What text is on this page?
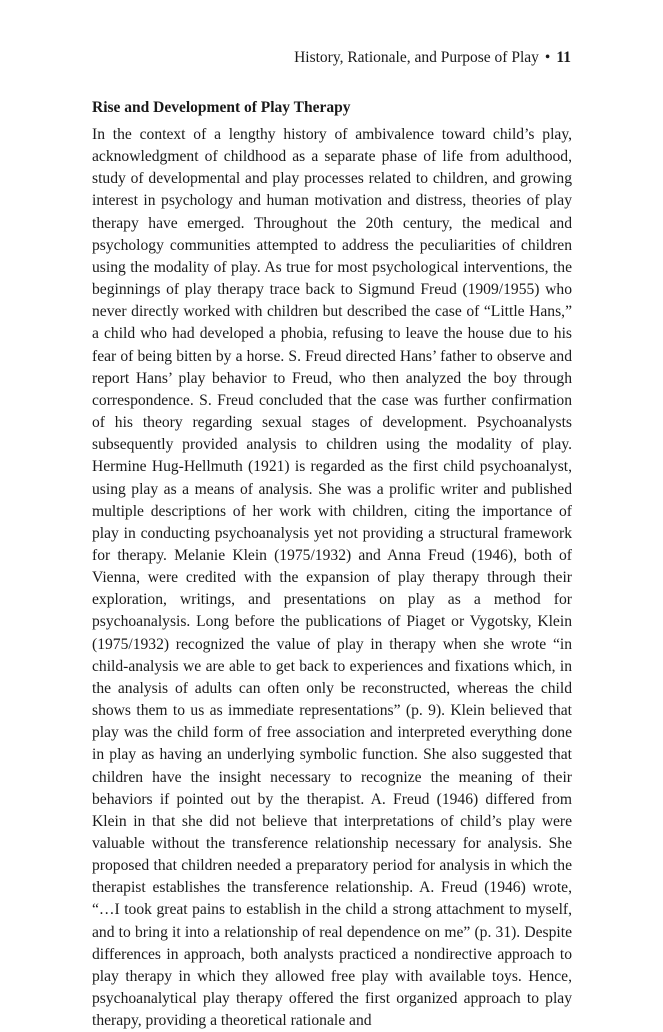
History, Rationale, and Purpose of Play • 11
Rise and Development of Play Therapy

In the context of a lengthy history of ambivalence toward child’s play, acknowledgment of childhood as a separate phase of life from adulthood, study of developmental and play processes related to children, and growing interest in psychology and human motivation and distress, theories of play therapy have emerged. Throughout the 20th century, the medical and psychology communities attempted to address the peculiarities of children using the modality of play. As true for most psychological interventions, the beginnings of play therapy trace back to Sigmund Freud (1909/1955) who never directly worked with children but described the case of “Little Hans,” a child who had developed a phobia, refusing to leave the house due to his fear of being bitten by a horse. S. Freud directed Hans’ father to observe and report Hans’ play behavior to Freud, who then analyzed the boy through correspondence. S. Freud concluded that the case was further confirmation of his theory regarding sexual stages of development. Psychoanalysts subsequently provided analysis to children using the modality of play. Hermine Hug-Hellmuth (1921) is regarded as the first child psychoanalyst, using play as a means of analysis. She was a prolific writer and published multiple descriptions of her work with children, citing the importance of play in conducting psychoanalysis yet not providing a structural framework for therapy. Melanie Klein (1975/1932) and Anna Freud (1946), both of Vienna, were credited with the expansion of play therapy through their exploration, writings, and presentations on play as a method for psychoanalysis. Long before the publications of Piaget or Vygotsky, Klein (1975/1932) recognized the value of play in therapy when she wrote “in child-analysis we are able to get back to experiences and fixations which, in the analysis of adults can often only be reconstructed, whereas the child shows them to us as immediate representations” (p. 9). Klein believed that play was the child form of free association and interpreted everything done in play as having an underlying symbolic function. She also suggested that children have the insight necessary to recognize the meaning of their behaviors if pointed out by the therapist. A. Freud (1946) differed from Klein in that she did not believe that interpretations of child’s play were valuable without the transference relationship necessary for analysis. She proposed that children needed a preparatory period for analysis in which the therapist establishes the transference relationship. A. Freud (1946) wrote, “…I took great pains to establish in the child a strong attachment to myself, and to bring it into a relationship of real dependence on me” (p. 31). Despite differences in approach, both analysts practiced a nondirective approach to play therapy in which they allowed free play with available toys. Hence, psychoanalytical play therapy offered the first organized approach to play therapy, providing a theoretical rationale and
